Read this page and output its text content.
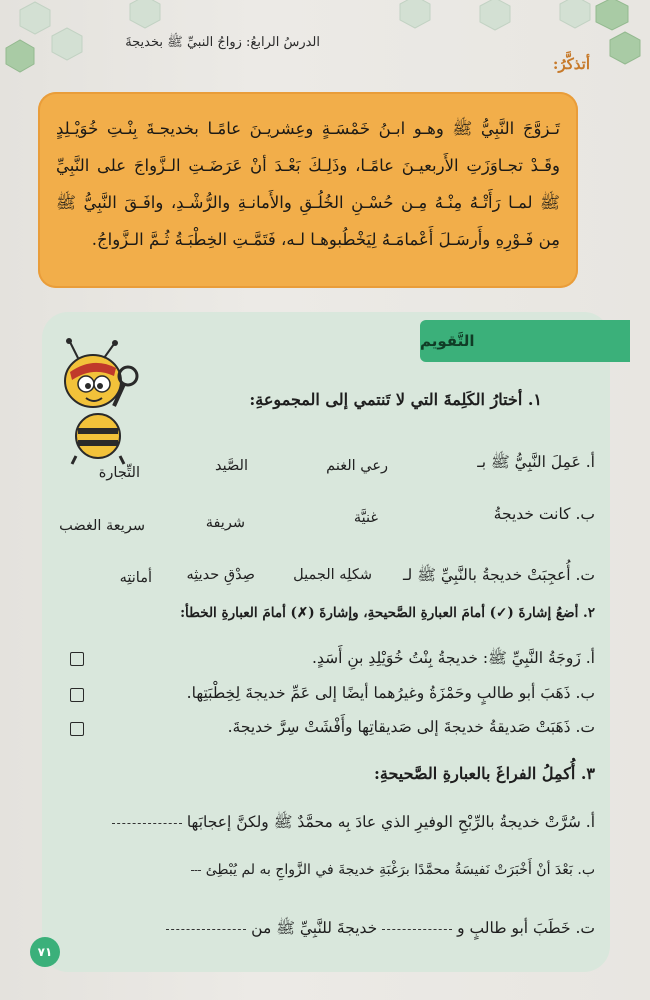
الدرسُ الرابعُ: زواجُ النبيِّ ﷺ بخديجةَ
أتذكَّرُ:
تَـزوَّجَ النَّبِيُّ ﷺ وهـو ابـنُ خَمْسَـةٍ وعِشريـنَ عامًـا بخديجـةَ بِنْـتِ خُوَيْـلِدٍ وقَـدْ تجـاوَزَتِ الأَربعيـنَ عامًـا، وذَلِـكَ بَعْـدَ أنْ عَرَضَـتِ الـزَّواجَ على النَّبِيِّ ﷺ لمـا رَأَتْـهُ مِنْـهُ مِـن حُسْـنِ الخُلُـقِ والأَمانـةِ والرُّشْـدِ، وافَـقَ النَّبِيُّ ﷺ مِن فَـوْرِهِ وأَرسَـلَ أَعْمامَـهُ لِيَخْطُبوهـا لـه، فَتَمَّـتِ الخِطْبَـةُ ثُـمَّ الـزَّواجُ.
التَّقويم
١. أختارُ الكَلِمةَ التي لا تَنتمي إلى المجموعةِ:
أ. عَمِلَ النَّبِيُّ ﷺ بـ
رعي الغنم
الصَّيد
التِّجارة
ب. كانت خديجةُ
غنيَّة
شريفة
سريعة الغضب
ت. أُعجِبَتْ خديجةُ بالنَّبِيِّ ﷺ لـ
شكلِه الجميل
صِدْقِ حديثِه
أمانتِه
٢. أضعُ إشارةَ (✓) أمامَ العبارةِ الصَّحيحةِ، وإشارةَ (✗) أمامَ العبارةِ الخطأ:
أ. زَوجَةُ النَّبِيِّ ﷺ: خديجةُ بِنْتُ خُوَيْلِدِ بنِ أَسَدٍ.
ب. ذَهَبَ أبو طالبٍ وحَمْزَةُ وغيرُهما أيضًا إلى عَمِّ خديجةَ لِخِطْبَتِها.
ت. ذَهَبَتْ صَديقةُ خديجةَ إلى صَديقاتِها وأَفْشَتْ سِرَّ خديجةَ.
٣. أُكمِلُ الفراغَ بالعبارةِ الصَّحيحةِ:
أ. سُرَّتْ خديجةُ بالرِّبْحِ الوفيرِ الذي عادَ بِه محمَّدٌ ﷺ ولكنَّ إعجابَها
ب. بَعْدَ أنْ أَخْبَرَتْ نَفيسَةُ محمَّدًا برَغْبَةِ خديجةَ في الزَّواجِ به لم يُبْطِئ
ت. خَطَبَ أبو طالبٍ و  خديجةَ للنَّبِيِّ ﷺ من
٧١
